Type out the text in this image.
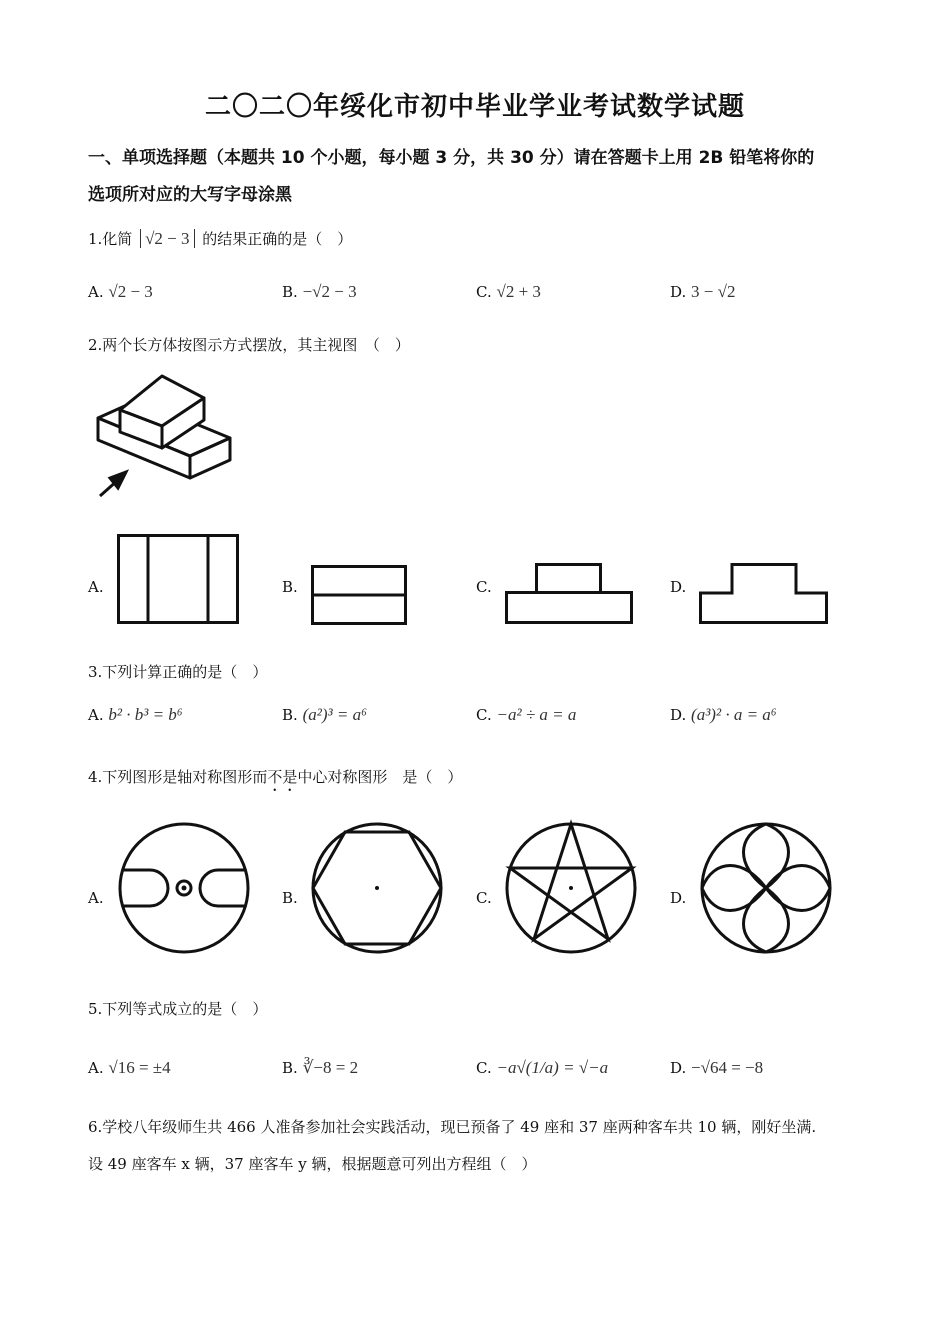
二〇二〇年绥化市初中毕业学业考试数学试题
一、单项选择题（本题共 10 个小题，每小题 3 分，共 30 分）请在答题卡上用 2B 铅笔将你的
选项所对应的大写字母涂黑
1.化简 √2 − 3 的结果正确的是（　）
A. √2 − 3	B. −√2 − 3	C. √2 + 3	D. 3 − √2
2.两个长方体按图示方式摆放，其主视图　（　）
A.	B.	C.	D.
3.下列计算正确的是（　）
A. b² · b³ = b⁶	B. (a²)³ = a⁶	C. −a² ÷ a = a	D. (a³)² · a = a⁶
4.下列图形是轴对称图形而不是中心对称图形　是（　）
A.	B.	C.	D.
5.下列等式成立的是（　）
A. √16 = ±4	B. ∛−8 = 2	C. −a√(1/a) = √−a	D. −√64 = −8
6.学校八年级师生共 466 人准备参加社会实践活动，现已预备了 49 座和 37 座两种客车共 10 辆，刚好坐满.
设 49 座客车 x 辆，37 座客车 y 辆，根据题意可列出方程组（　）
